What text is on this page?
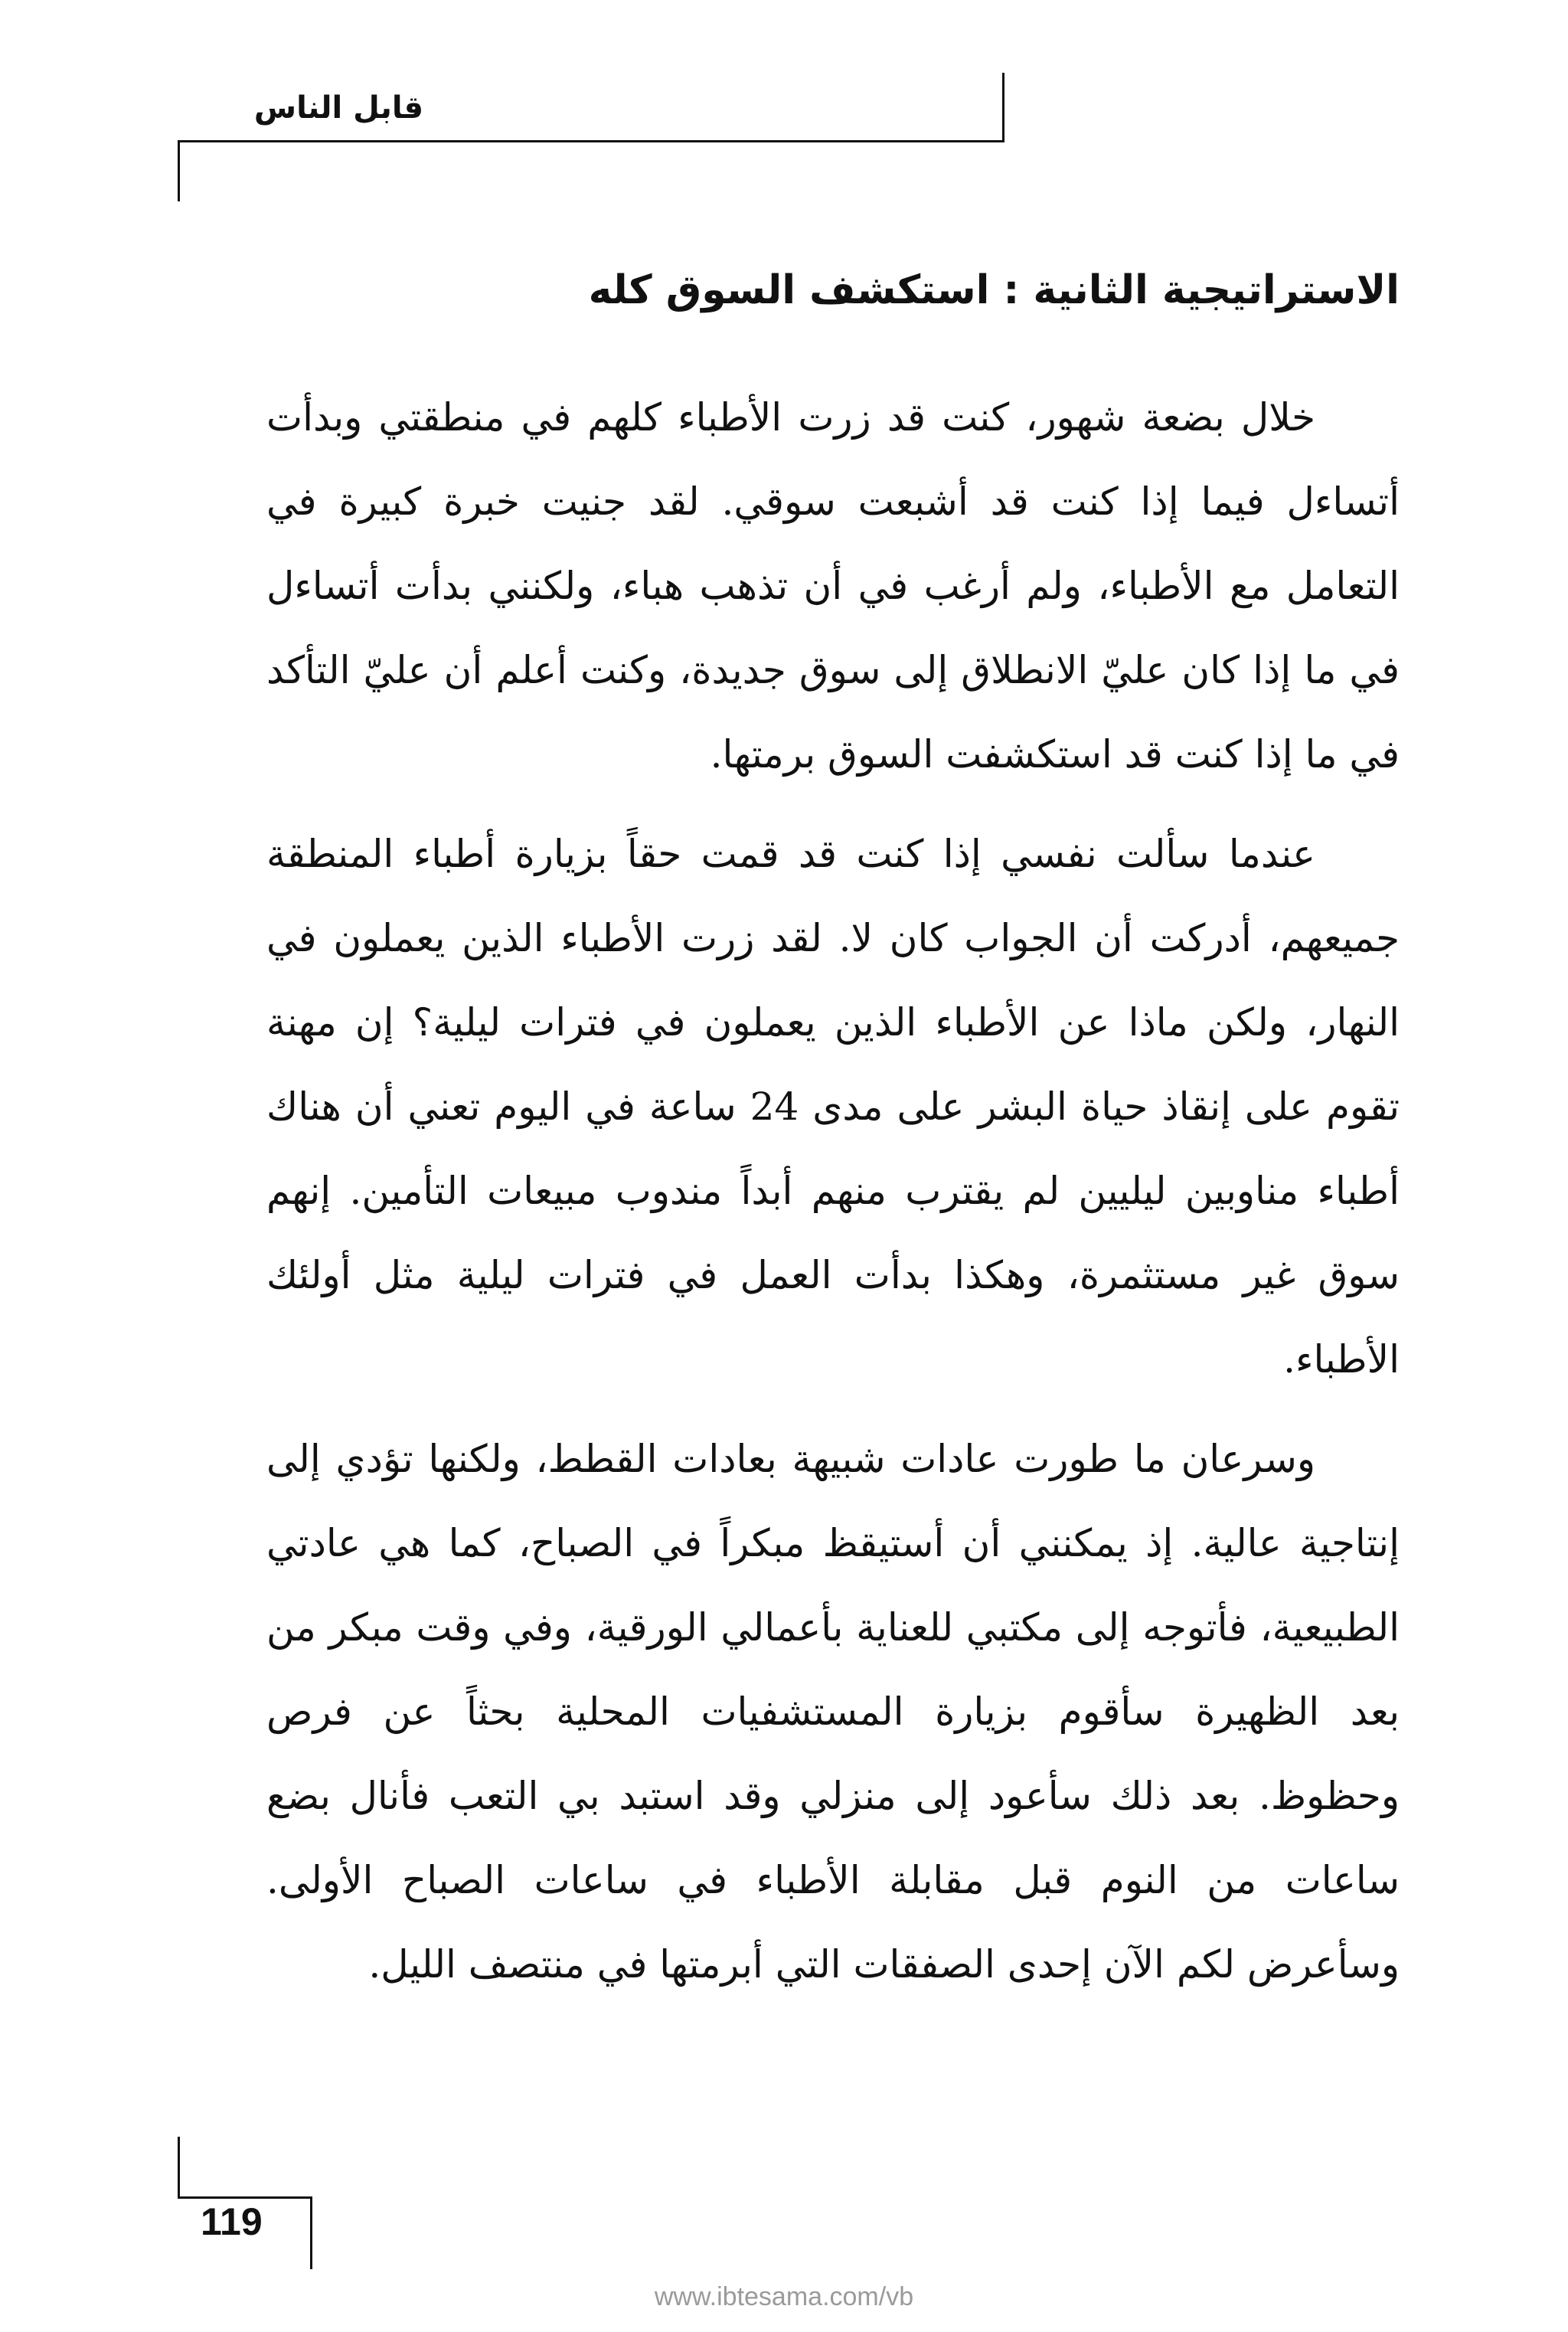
قابل الناس
الاستراتيجية الثانية : استكشف السوق كله

خلال بضعة شهور، كنت قد زرت الأطباء كلهم في منطقتي وبدأت أتساءل فيما إذا كنت قد أشبعت سوقي. لقد جنيت خبرة كبيرة في التعامل مع الأطباء، ولم أرغب في أن تذهب هباء، ولكنني بدأت أتساءل في ما إذا كان عليّ الانطلاق إلى سوق جديدة، وكنت أعلم أن عليّ التأكد في ما إذا كنت قد استكشفت السوق برمتها.

عندما سألت نفسي إذا كنت قد قمت حقاً بزيارة أطباء المنطقة جميعهم، أدركت أن الجواب كان لا. لقد زرت الأطباء الذين يعملون في النهار، ولكن ماذا عن الأطباء الذين يعملون في فترات ليلية؟ إن مهنة تقوم على إنقاذ حياة البشر على مدى 24 ساعة في اليوم تعني أن هناك أطباء مناوبين ليليين لم يقترب منهم أبداً مندوب مبيعات التأمين. إنهم سوق غير مستثمرة، وهكذا بدأت العمل في فترات ليلية مثل أولئك الأطباء.

وسرعان ما طورت عادات شبيهة بعادات القطط، ولكنها تؤدي إلى إنتاجية عالية. إذ يمكنني أن أستيقظ مبكراً في الصباح، كما هي عادتي الطبيعية، فأتوجه إلى مكتبي للعناية بأعمالي الورقية، وفي وقت مبكر من بعد الظهيرة سأقوم بزيارة المستشفيات المحلية بحثاً عن فرص وحظوظ. بعد ذلك سأعود إلى منزلي وقد استبد بي التعب فأنال بضع ساعات من النوم قبل مقابلة الأطباء في ساعات الصباح الأولى. وسأعرض لكم الآن إحدى الصفقات التي أبرمتها في منتصف الليل.

119
www.ibtesama.com/vb
